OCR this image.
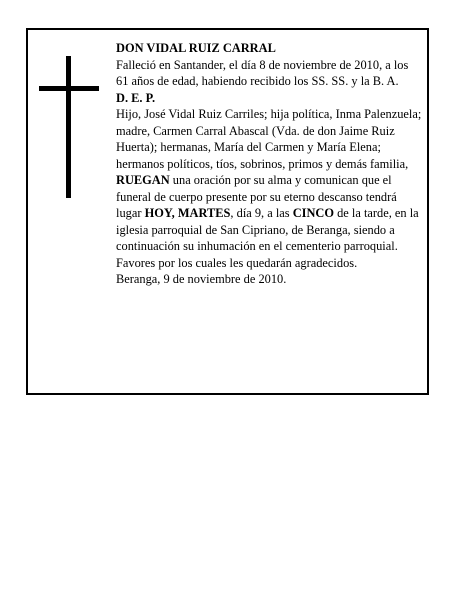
DON VIDAL RUIZ CARRAL

Falleció en Santander, el día 8 de noviembre de 2010, a los 61 años de edad, habiendo recibido los SS. SS. y la B. A.

D. E. P.

Hijo, José Vidal Ruiz Carriles; hija política, Inma Palenzuela; madre, Carmen Carral Abascal (Vda. de don Jaime Ruiz Huerta); hermanas, María del Carmen y María Elena; hermanos políticos, tíos, sobrinos, primos y demás familia,

RUEGAN una oración por su alma y comunican que el funeral de cuerpo presente por su eterno descanso tendrá lugar HOY, MARTES, día 9, a las CINCO de la tarde, en la iglesia parroquial de San Cipriano, de Beranga, siendo a continuación su inhumación en el cementerio parroquial. Favores por los cuales les quedarán agradecidos.

Beranga, 9 de noviembre de 2010.
